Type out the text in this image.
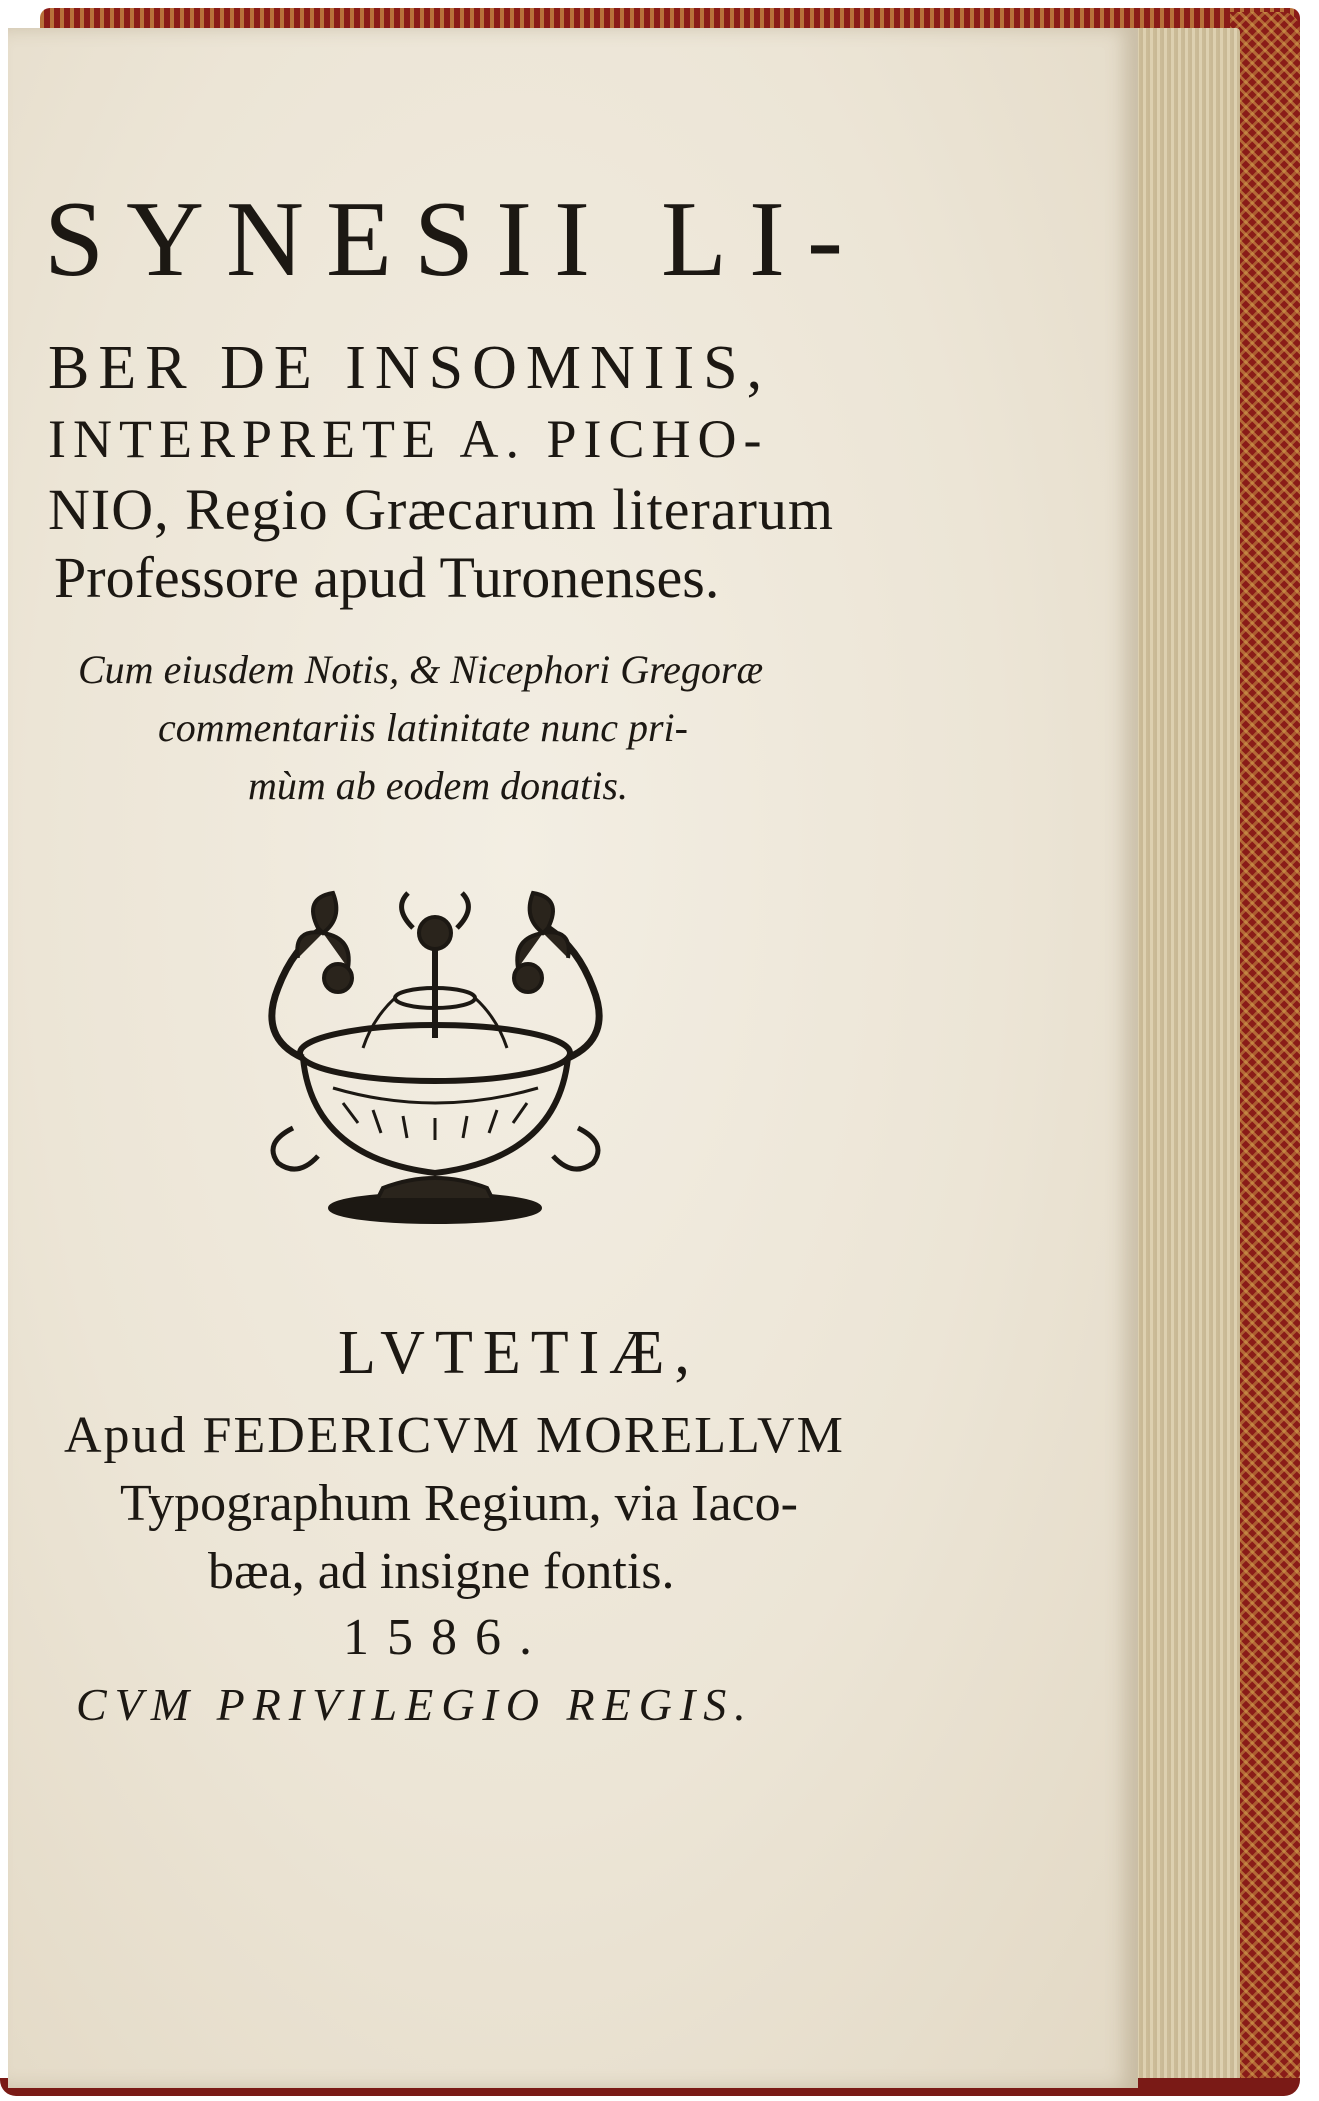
SYNESII LI-
BER DE INSOMNIIS,
INTERPRETE A. PICHO-
NIO, Regio Græcarum literarum
Professore apud Turonenses.
Cum eiusdem Notis, & Nicephori Gregoræ
commentariis latinitate nunc pri-
mùm ab eodem donatis.
LVTETIÆ,
Apud FEDERICVM MORELLVM
Typographum Regium, via Iaco-
bæa, ad insigne fontis.
1586.
CVM PRIVILEGIO REGIS.
